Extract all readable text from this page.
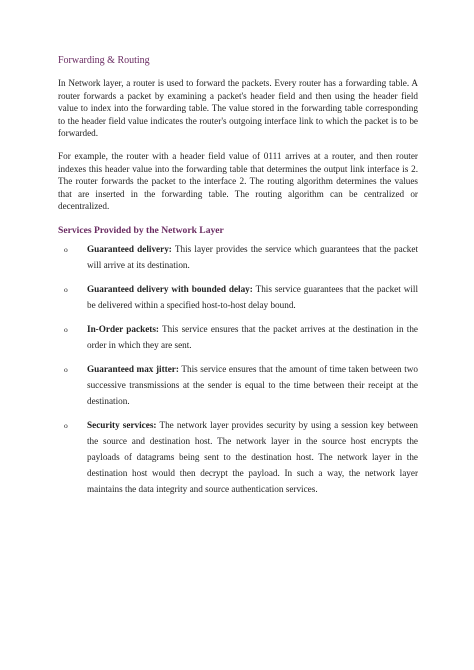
Forwarding & Routing

In Network layer, a router is used to forward the packets. Every router has a forwarding table. A router forwards a packet by examining a packet's header field and then using the header field value to index into the forwarding table. The value stored in the forwarding table corresponding to the header field value indicates the router's outgoing interface link to which the packet is to be forwarded.

For example, the router with a header field value of 0111 arrives at a router, and then router indexes this header value into the forwarding table that determines the output link interface is 2. The router forwards the packet to the interface 2. The routing algorithm determines the values that are inserted in the forwarding table. The routing algorithm can be centralized or decentralized.

Services Provided by the Network Layer
o Guaranteed delivery: This layer provides the service which guarantees that the packet will arrive at its destination.
o Guaranteed delivery with bounded delay: This service guarantees that the packet will be delivered within a specified host-to-host delay bound.
o In-Order packets: This service ensures that the packet arrives at the destination in the order in which they are sent.
o Guaranteed max jitter: This service ensures that the amount of time taken between two successive transmissions at the sender is equal to the time between their receipt at the destination.
o Security services: The network layer provides security by using a session key between the source and destination host. The network layer in the source host encrypts the payloads of datagrams being sent to the destination host. The network layer in the destination host would then decrypt the payload. In such a way, the network layer maintains the data integrity and source authentication services.
